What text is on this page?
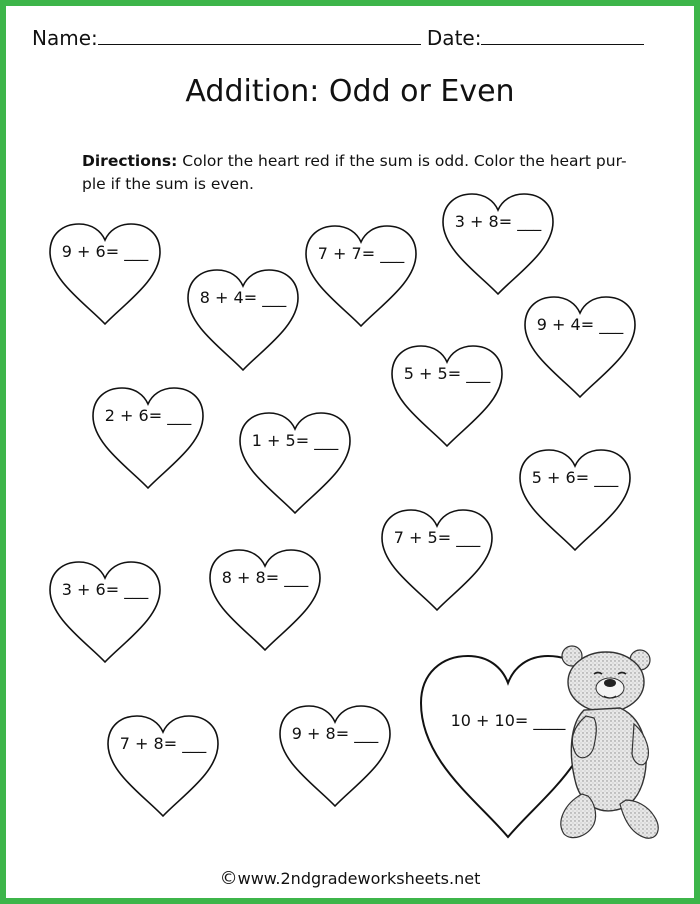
Name:	Date:
Addition: Odd or Even
Directions: Color the heart red if the sum is odd. Color the heart pur-
ple if the sum is even.
9 + 6= ___
8 + 4= ___
7 + 7= ___
3 + 8= ___
9 + 4= ___
5 + 5= ___
2 + 6= ___
1 + 5= ___
5 + 6= ___
7 + 5= ___
3 + 6= ___
8 + 8= ___
7 + 8= ___
9 + 8= ___
10 + 10= ____
©www.2ndgradeworksheets.net
